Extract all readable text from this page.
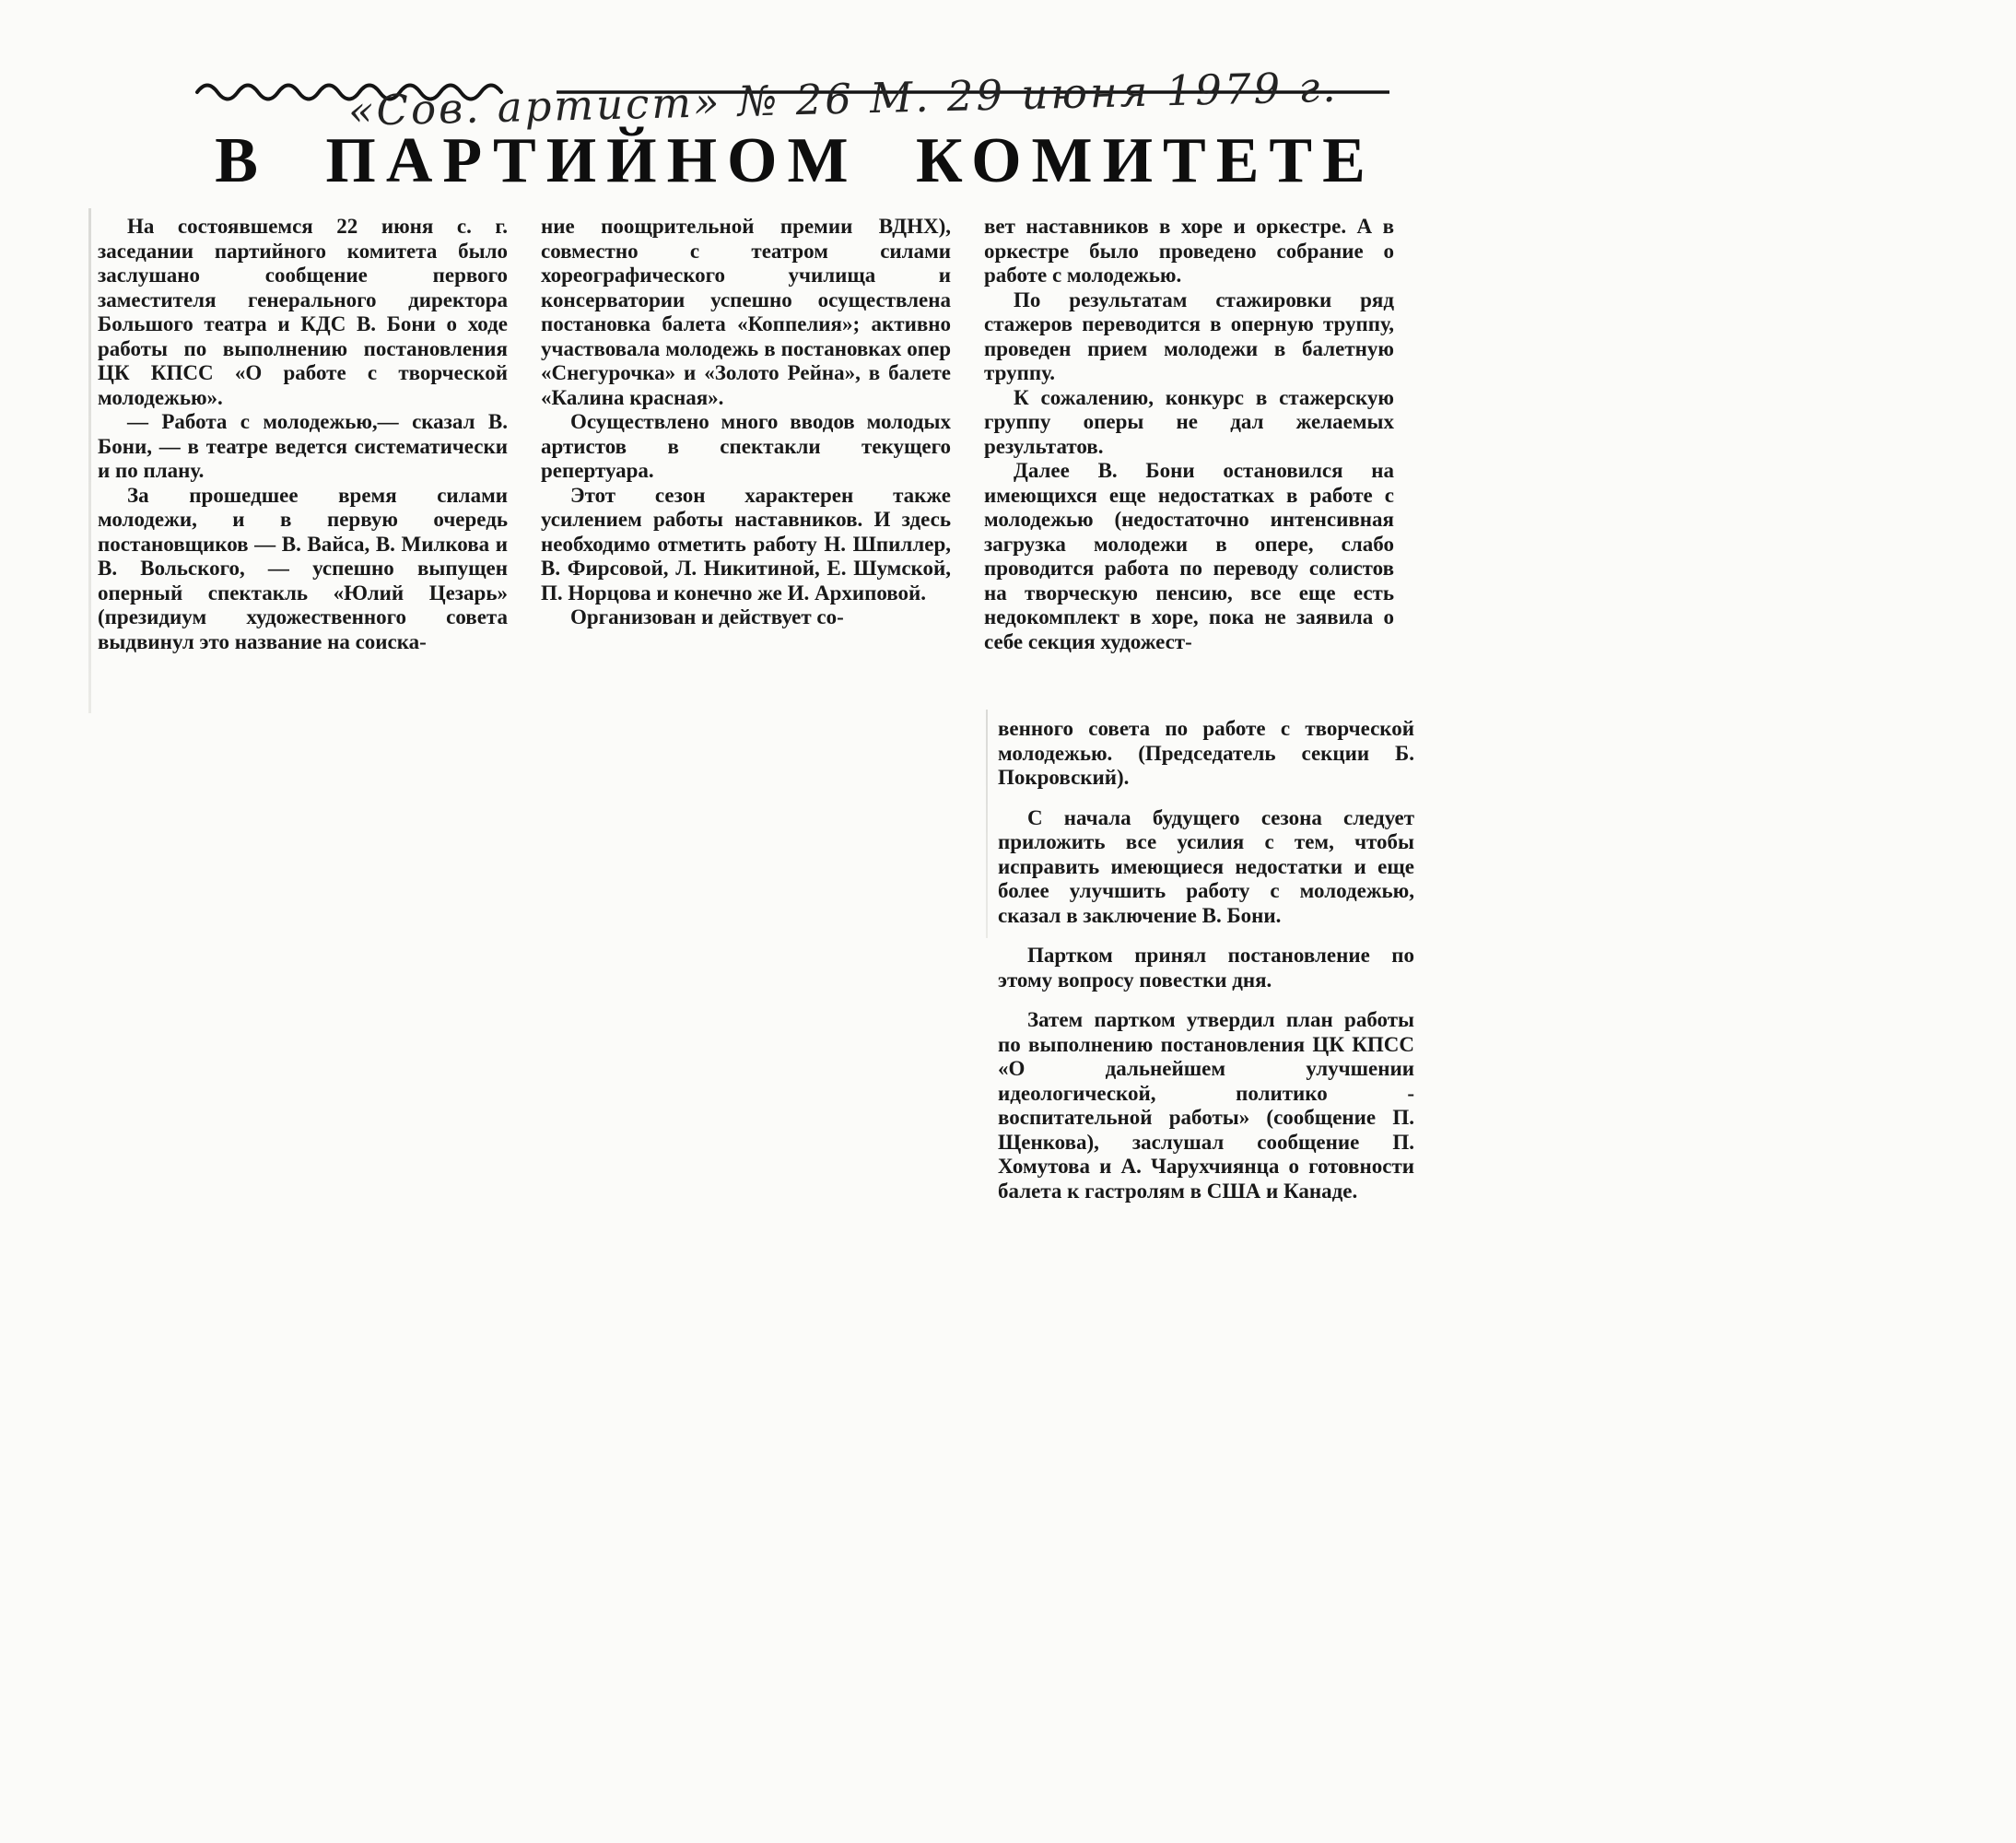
«Сов. артист» № 26 М. 29 июня 1979 г.
В ПАРТИЙНОМ КОМИТЕТЕ

На состоявшемся 22 июня с. г. заседании партийного комитета было заслушано сообщение первого заместителя генерального директора Большого театра и КДС В. Бони о ходе работы по выполнению постановления ЦК КПСС «О работе с творческой молодежью».

— Работа с молодежью,— сказал В. Бони, — в театре ведется систематически и по плану.

За прошедшее время силами молодежи, и в первую очередь постановщиков — В. Вайса, В. Милкова и В. Вольского, — успешно выпущен оперный спектакль «Юлий Цезарь» (президиум художественного совета выдвинул это название на соиска-

ние поощрительной премии ВДНХ), совместно с театром силами хореографического училища и консерватории успешно осуществлена постановка балета «Коппелия»; активно участвовала молодежь в постановках опер «Снегурочка» и «Золото Рейна», в балете «Калина красная».

Осуществлено много вводов молодых артистов в спектакли текущего репертуара.

Этот сезон характерен также усилением работы наставников. И здесь необходимо отметить работу Н. Шпиллер, В. Фирсовой, Л. Никитиной, Е. Шумской, П. Норцова и конечно же И. Архиповой.

Организован и действует со-

вет наставников в хоре и оркестре. А в оркестре было проведено собрание о работе с молодежью.

По результатам стажировки ряд стажеров переводится в оперную труппу, проведен прием молодежи в балетную труппу.

К сожалению, конкурс в стажерскую группу оперы не дал желаемых результатов.

Далее В. Бони остановился на имеющихся еще недостатках в работе с молодежью (недостаточно интенсивная загрузка молодежи в опере, слабо проводится работа по переводу солистов на творческую пенсию, все еще есть недокомплект в хоре, пока не заявила о себе секция художест-

венного совета по работе с творческой молодежью. (Председатель секции Б. Покровский).

С начала будущего сезона следует приложить все усилия с тем, чтобы исправить имеющиеся недостатки и еще более улучшить работу с молодежью, сказал в заключение В. Бони.

Партком принял постановление по этому вопросу повестки дня.

Затем партком утвердил план работы по выполнению постановления ЦК КПСС «О дальнейшем улучшении идеологической, политико - воспитательной работы» (сообщение П. Щенкова), заслушал сообщение П. Хомутова и А. Чарухчиянца о готовности балета к гастролям в США и Канаде.
